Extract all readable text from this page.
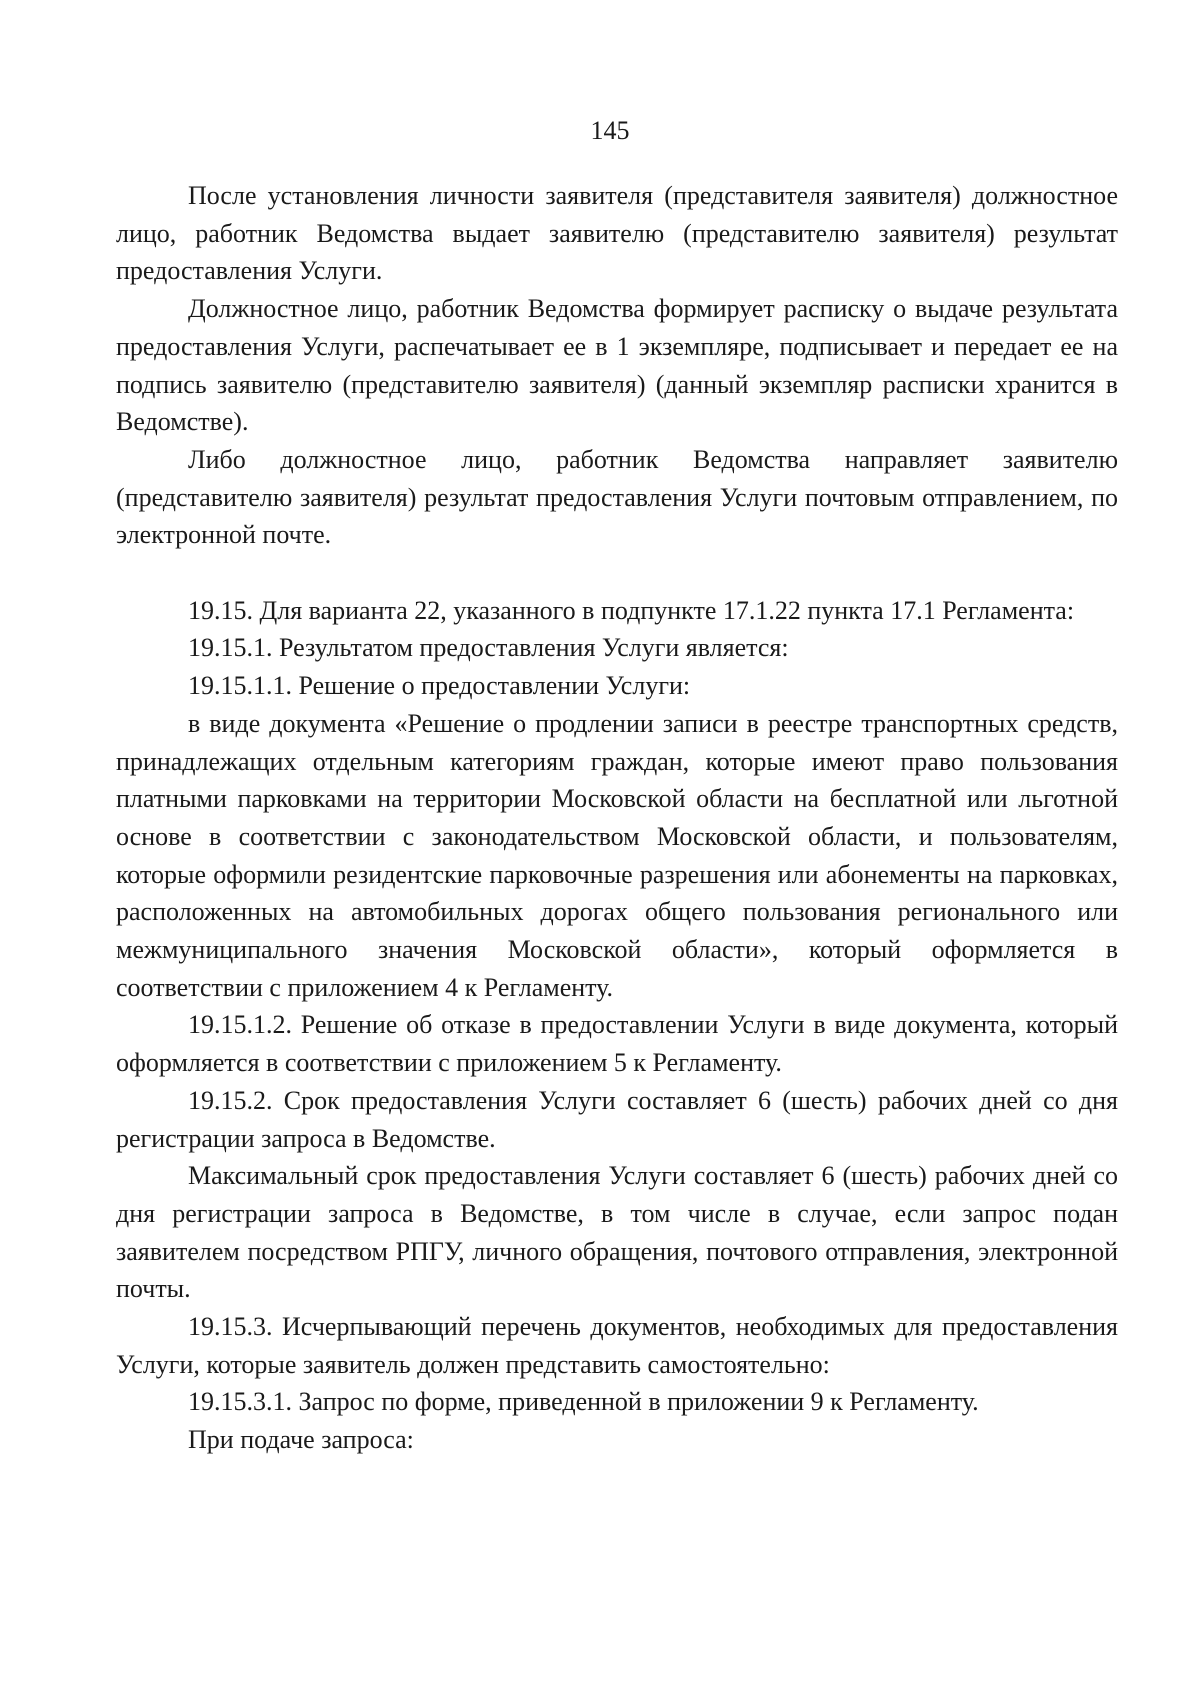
145

После установления личности заявителя (представителя заявителя) должностное лицо, работник Ведомства выдает заявителю (представителю заявителя) результат предоставления Услуги.

Должностное лицо, работник Ведомства формирует расписку о выдаче результата предоставления Услуги, распечатывает ее в 1 экземпляре, подписывает и передает ее на подпись заявителю (представителю заявителя) (данный экземпляр расписки хранится в Ведомстве).

Либо должностное лицо, работник Ведомства направляет заявителю (представителю заявителя) результат предоставления Услуги почтовым отправлением, по электронной почте.

19.15. Для варианта 22, указанного в подпункте 17.1.22 пункта 17.1 Регламента:

19.15.1. Результатом предоставления Услуги является:

19.15.1.1. Решение о предоставлении Услуги:

в виде документа «Решение о продлении записи в реестре транспортных средств, принадлежащих отдельным категориям граждан, которые имеют право пользования платными парковками на территории Московской области на бесплатной или льготной основе в соответствии с законодательством Московской области, и пользователям, которые оформили резидентские парковочные разрешения или абонементы на парковках, расположенных на автомобильных дорогах общего пользования регионального или межмуниципального значения Московской области», который оформляется в соответствии с приложением 4 к Регламенту.

19.15.1.2. Решение об отказе в предоставлении Услуги в виде документа, который оформляется в соответствии с приложением 5 к Регламенту.

19.15.2. Срок предоставления Услуги составляет 6 (шесть) рабочих дней со дня регистрации запроса в Ведомстве.

Максимальный срок предоставления Услуги составляет 6 (шесть) рабочих дней со дня регистрации запроса в Ведомстве, в том числе в случае, если запрос подан заявителем посредством РПГУ, личного обращения, почтового отправления, электронной почты.

19.15.3. Исчерпывающий перечень документов, необходимых для предоставления Услуги, которые заявитель должен представить самостоятельно:

19.15.3.1. Запрос по форме, приведенной в приложении 9 к Регламенту.

При подаче запроса:
